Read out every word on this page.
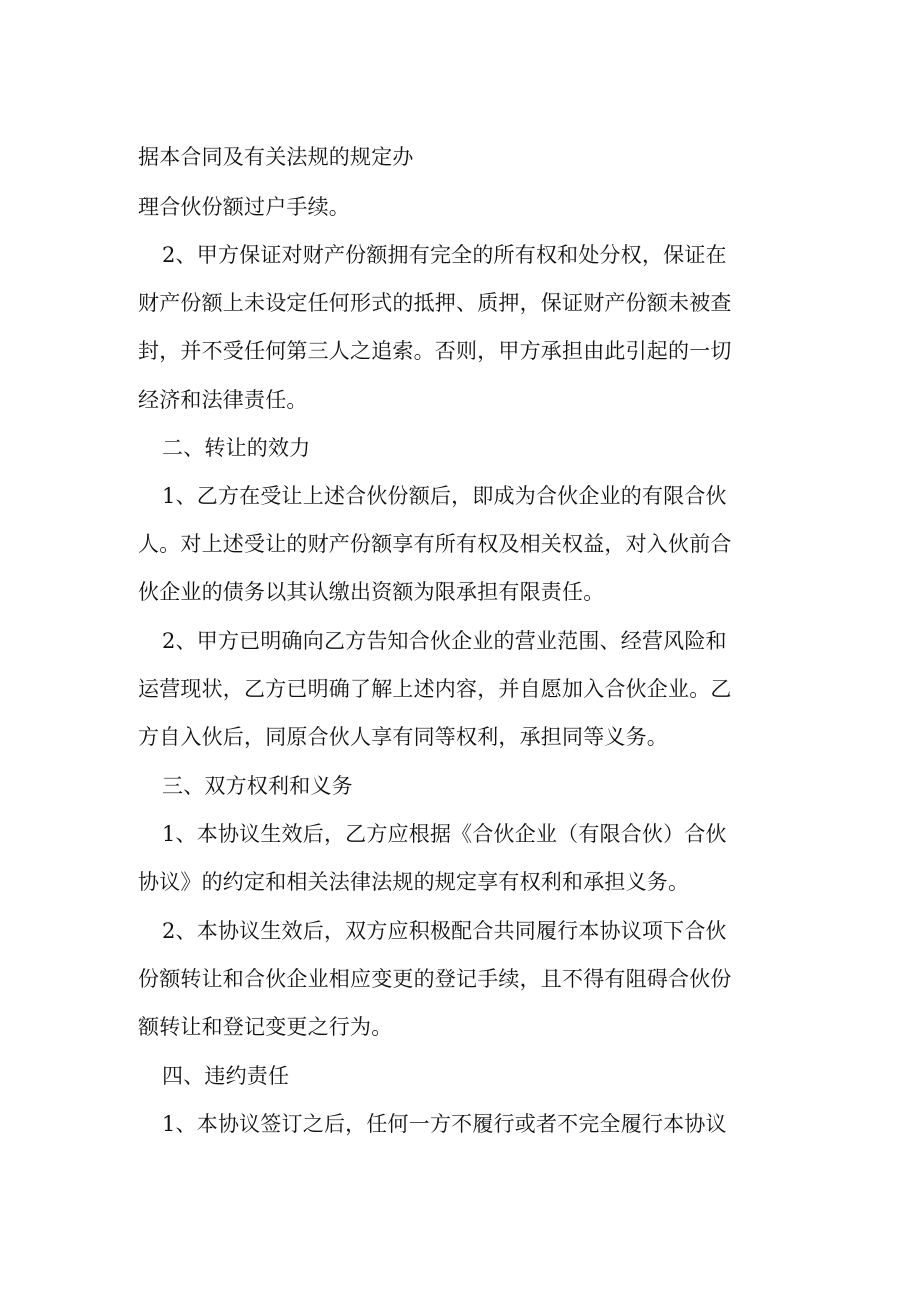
据本合同及有关法规的规定办

理合伙份额过户手续。

2、甲方保证对财产份额拥有完全的所有权和处分权，保证在

财产份额上未设定任何形式的抵押、质押，保证财产份额未被查

封，并不受任何第三人之追索。否则，甲方承担由此引起的一切

经济和法律责任。

二、转让的效力

1、乙方在受让上述合伙份额后，即成为合伙企业的有限合伙

人。对上述受让的财产份额享有所有权及相关权益，对入伙前合

伙企业的债务以其认缴出资额为限承担有限责任。

2、甲方已明确向乙方告知合伙企业的营业范围、经营风险和

运营现状，乙方已明确了解上述内容，并自愿加入合伙企业。乙

方自入伙后，同原合伙人享有同等权利，承担同等义务。

三、双方权利和义务

1、本协议生效后，乙方应根据《合伙企业（有限合伙）合伙

协议》的约定和相关法律法规的规定享有权利和承担义务。

2、本协议生效后，双方应积极配合共同履行本协议项下合伙

份额转让和合伙企业相应变更的登记手续，且不得有阻碍合伙份

额转让和登记变更之行为。

四、违约责任

1、本协议签订之后，任何一方不履行或者不完全履行本协议
